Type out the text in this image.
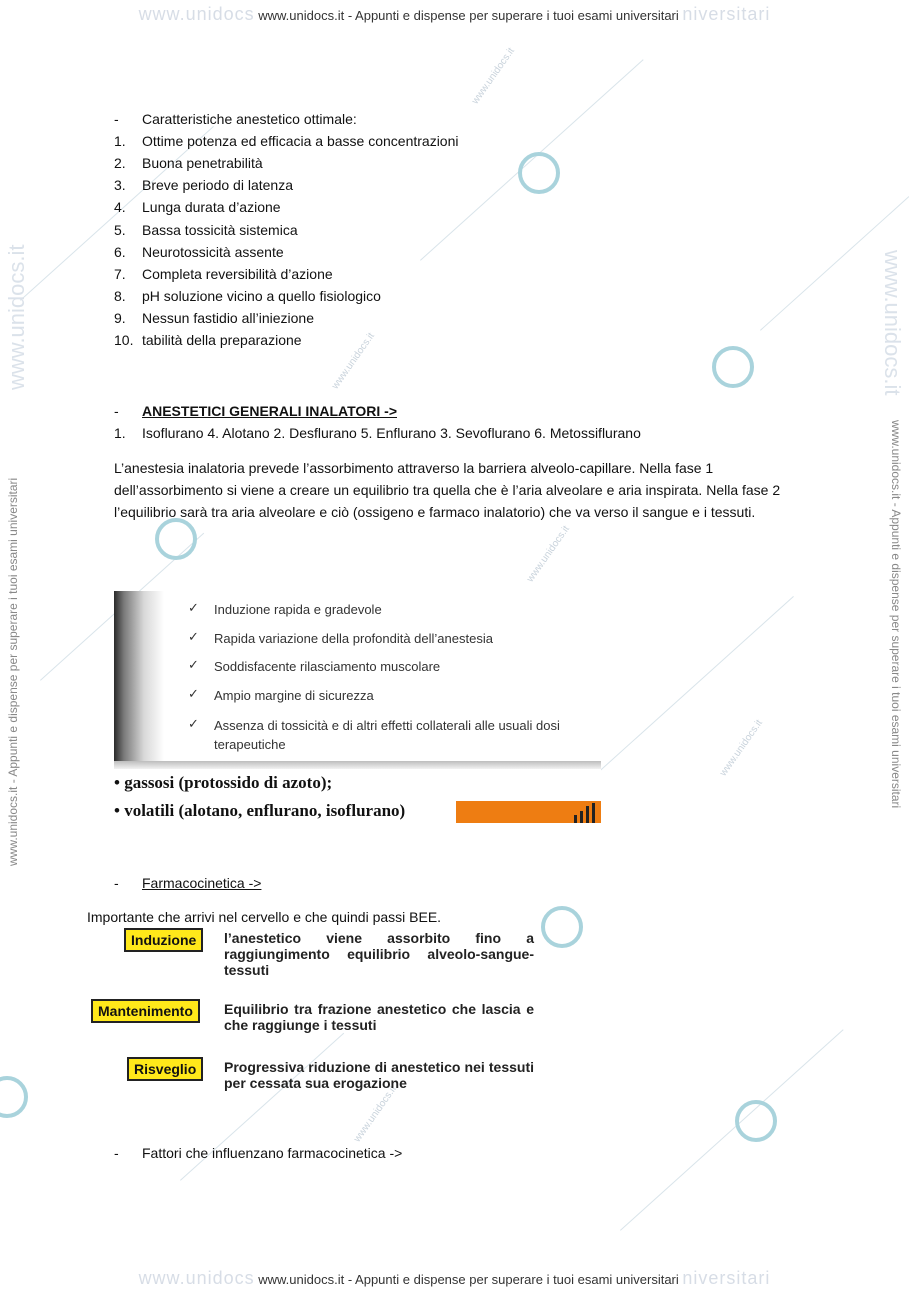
www.unidocs.it
www.unidocs.it
www.unidocs.it
www.unidocs.it
www.unidocs.it
www.unidocs www.unidocs.it - Appunti e dispense per superare i tuoi esami universitari niversitari
www.unidocs www.unidocs.it - Appunti e dispense per superare i tuoi esami universitari niversitari
www.unidocs.it - Appunti e dispense per superare i tuoi esami universitari
www.unidocs.it
www.unidocs.it - Appunti e dispense per superare i tuoi esami universitari
www.unidocs.it
-	Caratteristiche anestetico ottimale:
1.	Ottime potenza ed efficacia a basse concentrazioni
2.	Buona penetrabilità
3.	Breve periodo di latenza
4.	Lunga durata d’azione
5.	Bassa tossicità sistemica
6.	Neurotossicità assente
7.	Completa reversibilità d’azione
8.	pH soluzione vicino a quello fisiologico
9.	Nessun fastidio all’iniezione
10. tabilità della preparazione
-	ANESTETICI GENERALI INALATORI ->
1.	Isoflurano 4. Alotano 2. Desflurano 5. Enflurano 3. Sevoflurano 6. Metossiflurano
L’anestesia inalatoria prevede l’assorbimento attraverso la barriera alveolo-capillare. Nella fase 1 dell’assorbimento si viene a creare un equilibrio tra quella che è l’aria alveolare e aria inspirata. Nella fase 2 l’equilibrio sarà tra aria alveolare e ciò (ossigeno e farmaco inalatorio) che va verso il sangue e i tessuti.
✓ Induzione rapida e gradevole
✓ Rapida variazione della profondità dell’anestesia
✓ Soddisfacente rilasciamento muscolare
✓ Ampio margine di sicurezza
✓ Assenza di tossicità e di altri effetti collaterali alle usuali dosi terapeutiche
• gassosi (protossido di azoto);
• volatili (alotano, enflurano, isoflurano)
-	Farmacocinetica ->
Importante che arrivi nel cervello e che quindi passi BEE.
Induzione	l’anestetico viene assorbito fino a raggiungimento equilibrio alveolo-sangue-tessuti
Mantenimento	Equilibrio tra frazione anestetico che lascia e che raggiunge i tessuti
Risveglio	Progressiva riduzione di anestetico nei tessuti per cessata sua erogazione
-	Fattori che influenzano farmacocinetica ->
